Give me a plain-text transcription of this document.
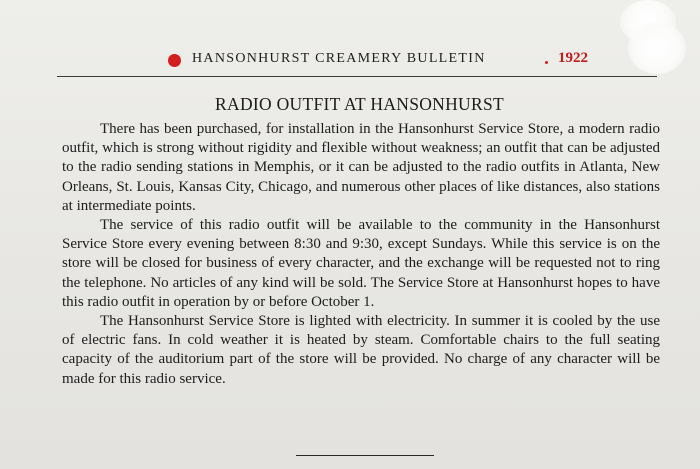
HANSONHURST CREAMERY BULLETIN	1922
RADIO OUTFIT AT HANSONHURST

There has been purchased, for installation in the Hansonhurst Service Store, a modern radio outfit, which is strong without rigidity and flexible without weakness; an outfit that can be adjusted to the radio sending stations in Memphis, or it can be adjusted to the radio outfits in Atlanta, New Orleans, St. Louis, Kansas City, Chicago, and numerous other places of like distances, also stations at intermediate points.

The service of this radio outfit will be available to the community in the Hansonhurst Service Store every evening between 8:30 and 9:30, except Sundays. While this service is on the store will be closed for business of every character, and the exchange will be requested not to ring the telephone. No articles of any kind will be sold. The Service Store at Hansonhurst hopes to have this radio outfit in operation by or before October 1.

The Hansonhurst Service Store is lighted with electricity. In summer it is cooled by the use of electric fans. In cold weather it is heated by steam. Comfortable chairs to the full seating capacity of the auditorium part of the store will be provided. No charge of any character will be made for this radio service.
